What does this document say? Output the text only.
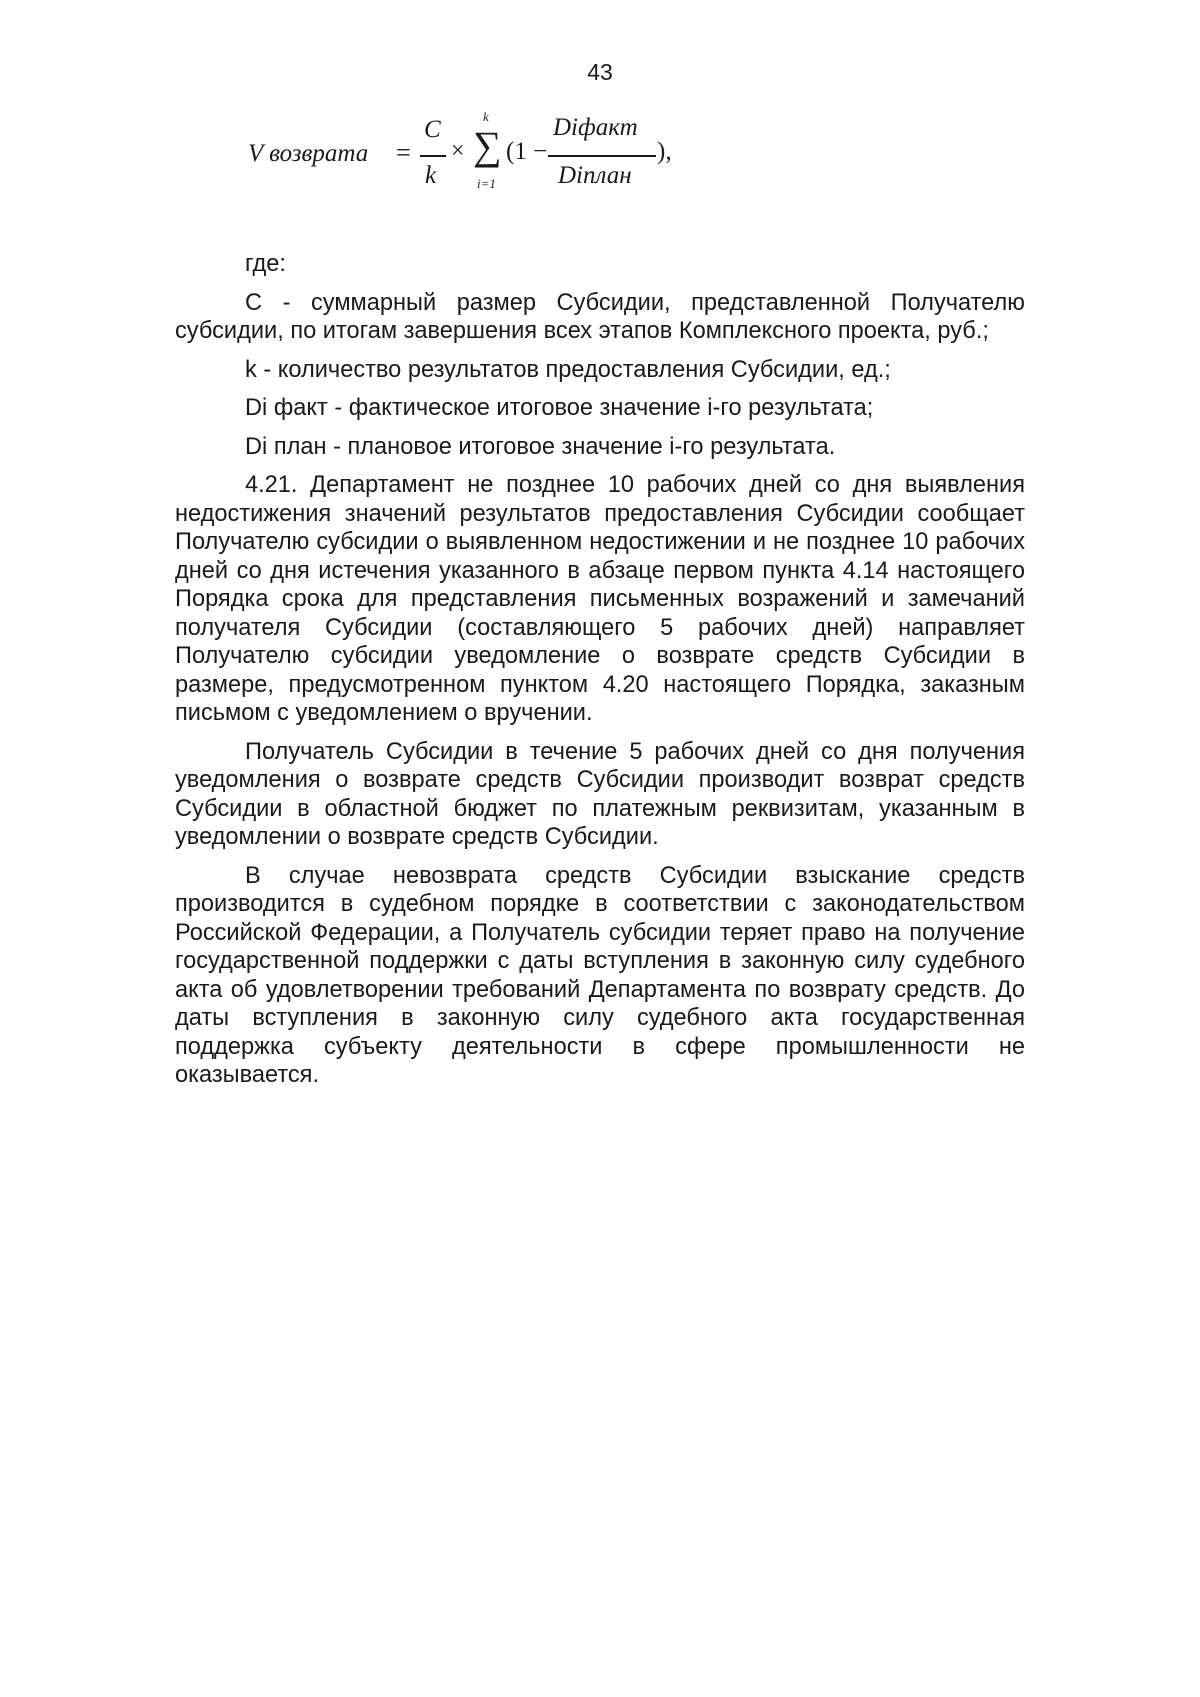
43
V возврата =
C
k
×
k
∑
i=1
(1 −
Diфакт
Diплан
),

где:

С - суммарный размер Субсидии, представленной Получателю субсидии, по итогам завершения всех этапов Комплексного проекта, руб.;

k - количество результатов предоставления Субсидии, ед.;

Di факт - фактическое итоговое значение i-го результата;

Di план - плановое итоговое значение i-го результата.

4.21. Департамент не позднее 10 рабочих дней со дня выявления недостижения значений результатов предоставления Субсидии сообщает Получателю субсидии о выявленном недостижении и не позднее 10 рабочих дней со дня истечения указанного в абзаце первом пункта 4.14 настоящего Порядка срока для представления письменных возражений и замечаний получателя Субсидии (составляющего 5 рабочих дней) направляет Получателю субсидии уведомление о возврате средств Субсидии в размере, предусмотренном пунктом 4.20 настоящего Порядка, заказным письмом с уведомлением о вручении.

Получатель Субсидии в течение 5 рабочих дней со дня получения уведомления о возврате средств Субсидии производит возврат средств Субсидии в областной бюджет по платежным реквизитам, указанным в уведомлении о возврате средств Субсидии.

В случае невозврата средств Субсидии взыскание средств производится в судебном порядке в соответствии с законодательством Российской Федерации, а Получатель субсидии теряет право на получение государственной поддержки с даты вступления в законную силу судебного акта об удовлетворении требований Департамента по возврату средств. До даты вступления в законную силу судебного акта государственная поддержка субъекту деятельности в сфере промышленности не оказывается.
